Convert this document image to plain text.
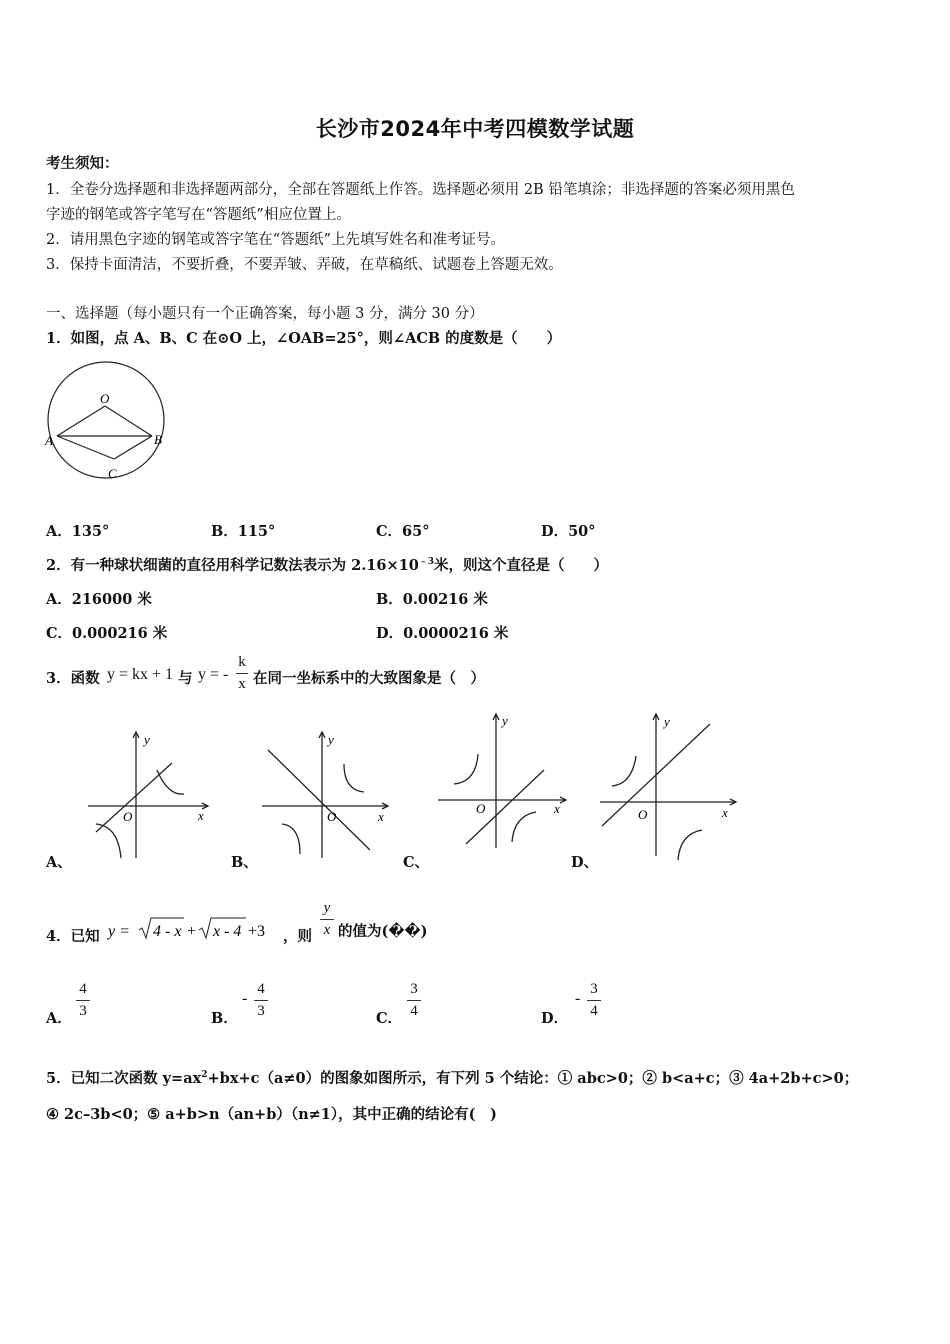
长沙市2024年中考四模数学试题
考生须知：
1．全卷分选择题和非选择题两部分，全部在答题纸上作答。选择题必须用 2B 铅笔填涂；非选择题的答案必须用黑色
字迹的钢笔或答字笔写在“答题纸”相应位置上。
2．请用黑色字迹的钢笔或答字笔在“答题纸”上先填写姓名和准考证号。
3．保持卡面清洁，不要折叠，不要弄皱、弄破，在草稿纸、试题卷上答题无效。
一、选择题（每小题只有一个正确答案，每小题 3 分，满分 30 分）
1．如图，点 A、B、C 在⊙O 上，∠OAB=25°，则∠ACB 的度数是（　　）
O
A	B
C
A．135°	B．115°	C．65°	D．50°
2．有一种球状细菌的直径用科学记数法表示为 $2.16\times 10^{﹣3}$米，则这个直径是（　　）
A．216000 米	B．0.00216 米
C．0.000216 米	D．0.0000216 米
3．函数 y = kx + 1 与 y = -
k
x 在同一坐标系中的大致图象是（　）
y
x
O
A、
y
x
O
B、
y
x
O
C、
y
x
O
D、
4．已知 y = 4 - x + x - 4 +3 ，则
y
x 的值为(��)
A．
4
3	B．
-
4
3	C．
3
4	D．
-
3
4
5．已知二次函数 $y=ax^2+bx+c(a\ne 0)$的图象如图所示，有下列 5 个结论：① abc>0；② b<a+c；③ 4a+2b+c>0；
④ 2c–3b<0；⑤ a+b>n（an+b）（n≠1），其中正确的结论有(　)
